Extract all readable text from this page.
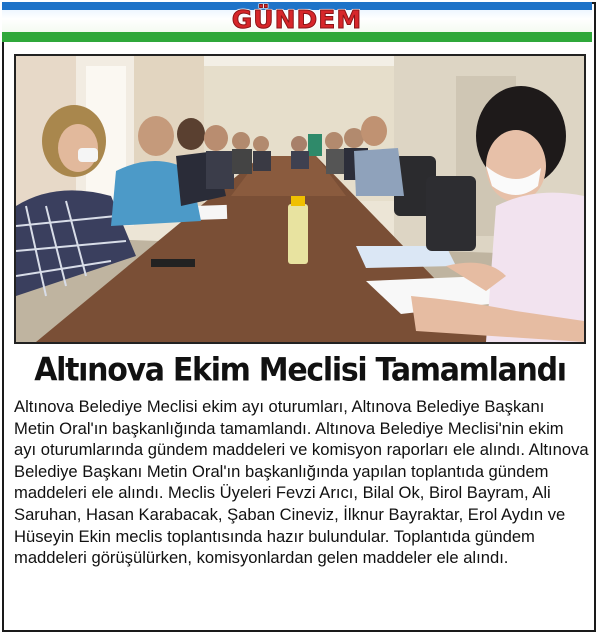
GÜNDEM
Altınova Ekim Meclisi Tamamlandı

Altınova Belediye Meclisi ekim ayı oturumları, Altınova Belediye Başkanı Metin Oral'ın başkanlığında tamamlandı. Altınova Belediye Meclisi'nin ekim ayı oturumlarında gündem maddeleri ve komisyon raporları ele alındı. Altınova Belediye Başkanı Metin Oral'ın başkanlığında yapılan toplantıda gündem maddeleri ele alındı. Meclis Üyeleri Fevzi Arıcı, Bilal Ok, Birol Bayram, Ali Saruhan, Hasan Karabacak, Şaban Cineviz, İlknur Bayraktar, Erol Aydın ve Hüseyin Ekin meclis toplantısında hazır bulundular. Toplantıda gündem maddeleri görüşülürken, komisyonlardan gelen maddeler ele alındı.
